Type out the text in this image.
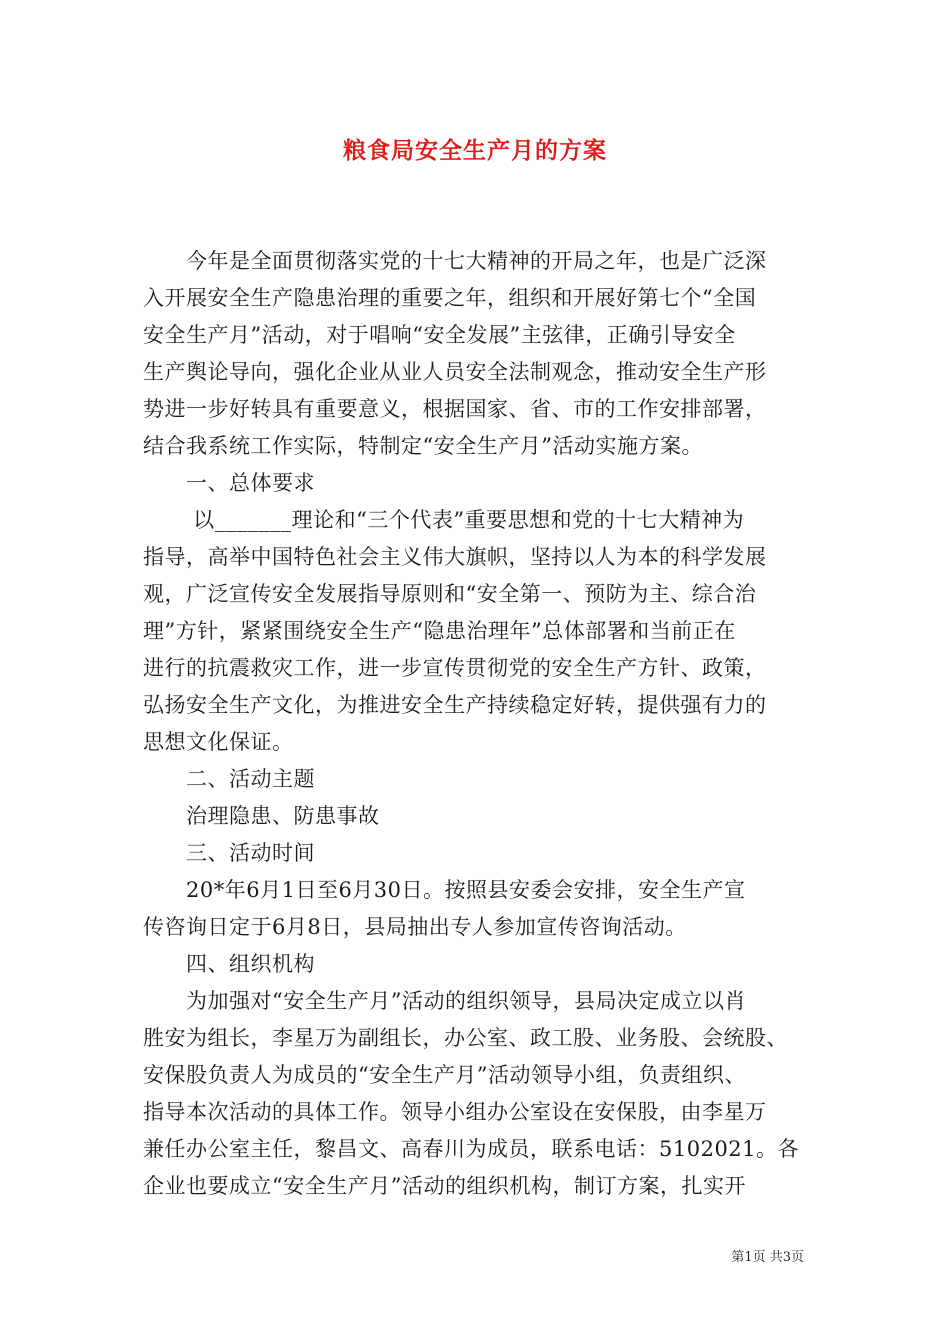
粮食局安全生产月的方案
　　今年是全面贯彻落实党的十七大精神的开局之年，也是广泛深
入开展安全生产隐患治理的重要之年，组织和开展好第七个“全国
安全生产月”活动，对于唱响“安全发展”主弦律，正确引导安全
生产舆论导向，强化企业从业人员安全法制观念，推动安全生产形
势进一步好转具有重要意义，根据国家、省、市的工作安排部署，
结合我系统工作实际，特制定“安全生产月”活动实施方案。
　　一、总体要求
　　 以_______理论和“三个代表”重要思想和党的十七大精神为
指导，高举中国特色社会主义伟大旗帜，坚持以人为本的科学发展
观，广泛宣传安全发展指导原则和“安全第一、预防为主、综合治
理”方针，紧紧围绕安全生产“隐患治理年”总体部署和当前正在
进行的抗震救灾工作，进一步宣传贯彻党的安全生产方针、政策，
弘扬安全生产文化，为推进安全生产持续稳定好转，提供强有力的
思想文化保证。
　　二、活动主题
　　治理隐患、防患事故
　　三、活动时间
　　20*年6月1日至6月30日。按照县安委会安排，安全生产宣
传咨询日定于6月8日，县局抽出专人参加宣传咨询活动。
　　四、组织机构
　　为加强对“安全生产月”活动的组织领导，县局决定成立以肖
胜安为组长，李星万为副组长，办公室、政工股、业务股、会统股、
安保股负责人为成员的“安全生产月”活动领导小组，负责组织、
指导本次活动的具体工作。领导小组办公室设在安保股，由李星万
兼任办公室主任，黎昌文、高春川为成员，联系电话：5102021。各
企业也要成立“安全生产月”活动的组织机构，制订方案，扎实开
第1页 共3页
